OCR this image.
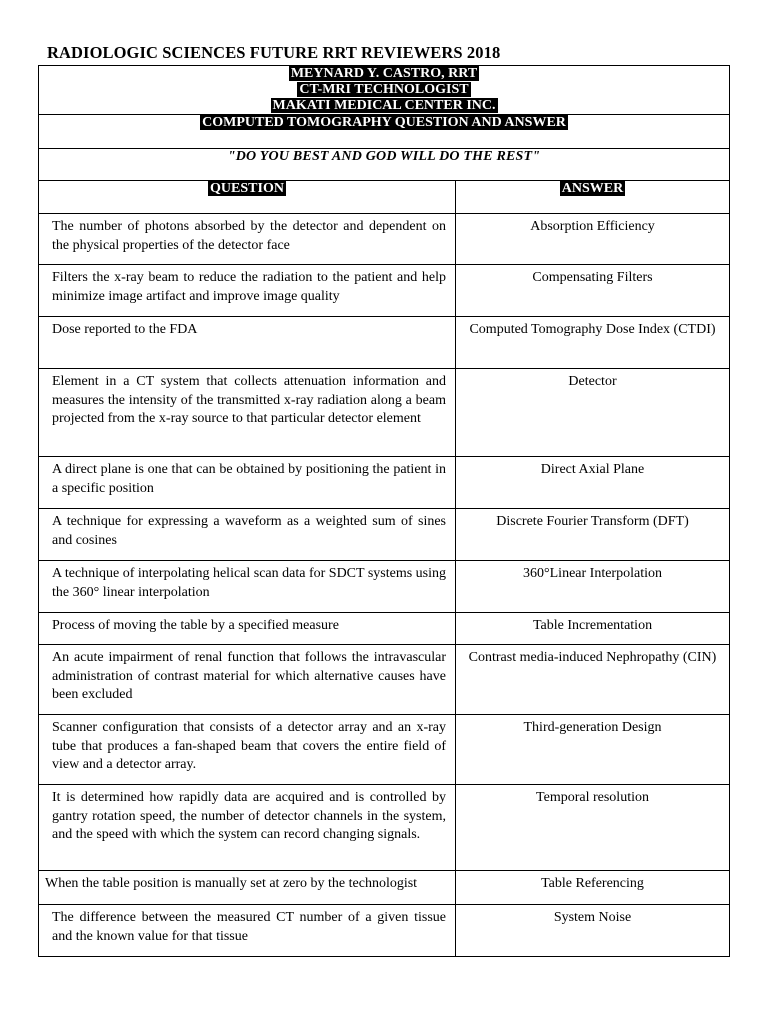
RADIOLOGIC SCIENCES FUTURE RRT REVIEWERS 2018
MEYNARD Y. CASTRO, RRT
CT-MRI TECHNOLOGIST
MAKATI MEDICAL CENTER INC.	

COMPUTED TOMOGRAPHY QUESTION AND ANSWER	
"DO YOU BEST AND GOD WILL DO THE REST"	
QUESTION	ANSWER
The number of photons absorbed by the detector and dependent on the physical properties of the detector face	Absorption Efficiency
Filters the x-ray beam to reduce the radiation to the patient and help minimize image artifact and improve image quality	Compensating Filters
Dose reported to the FDA	Computed Tomography Dose Index (CTDI)
Element in a CT system that collects attenuation information and measures the intensity of the transmitted x-ray radiation along a beam projected from the x-ray source to that particular detector element	Detector
A direct plane is one that can be obtained by positioning the patient in a specific position	Direct Axial Plane
A technique for expressing a waveform as a weighted sum of sines and cosines	Discrete Fourier Transform (DFT)
A technique of interpolating helical scan data for SDCT systems using the 360° linear interpolation	360°Linear Interpolation
Process of moving the table by a specified measure	Table Incrementation
An acute impairment of renal function that follows the intravascular administration of contrast material for which alternative causes have been excluded	Contrast media-induced Nephropathy (CIN)
Scanner configuration that consists of a detector array and an x-ray tube that produces a fan-shaped beam that covers the entire field of view and a detector array.	Third-generation Design
It is determined how rapidly data are acquired and is controlled by gantry rotation speed, the number of detector channels in the system, and the speed with which the system can record changing signals.	Temporal resolution
When the table position is manually set at zero by the technologist	Table Referencing
The difference between the measured CT number of a given tissue and the known value for that tissue	System Noise
